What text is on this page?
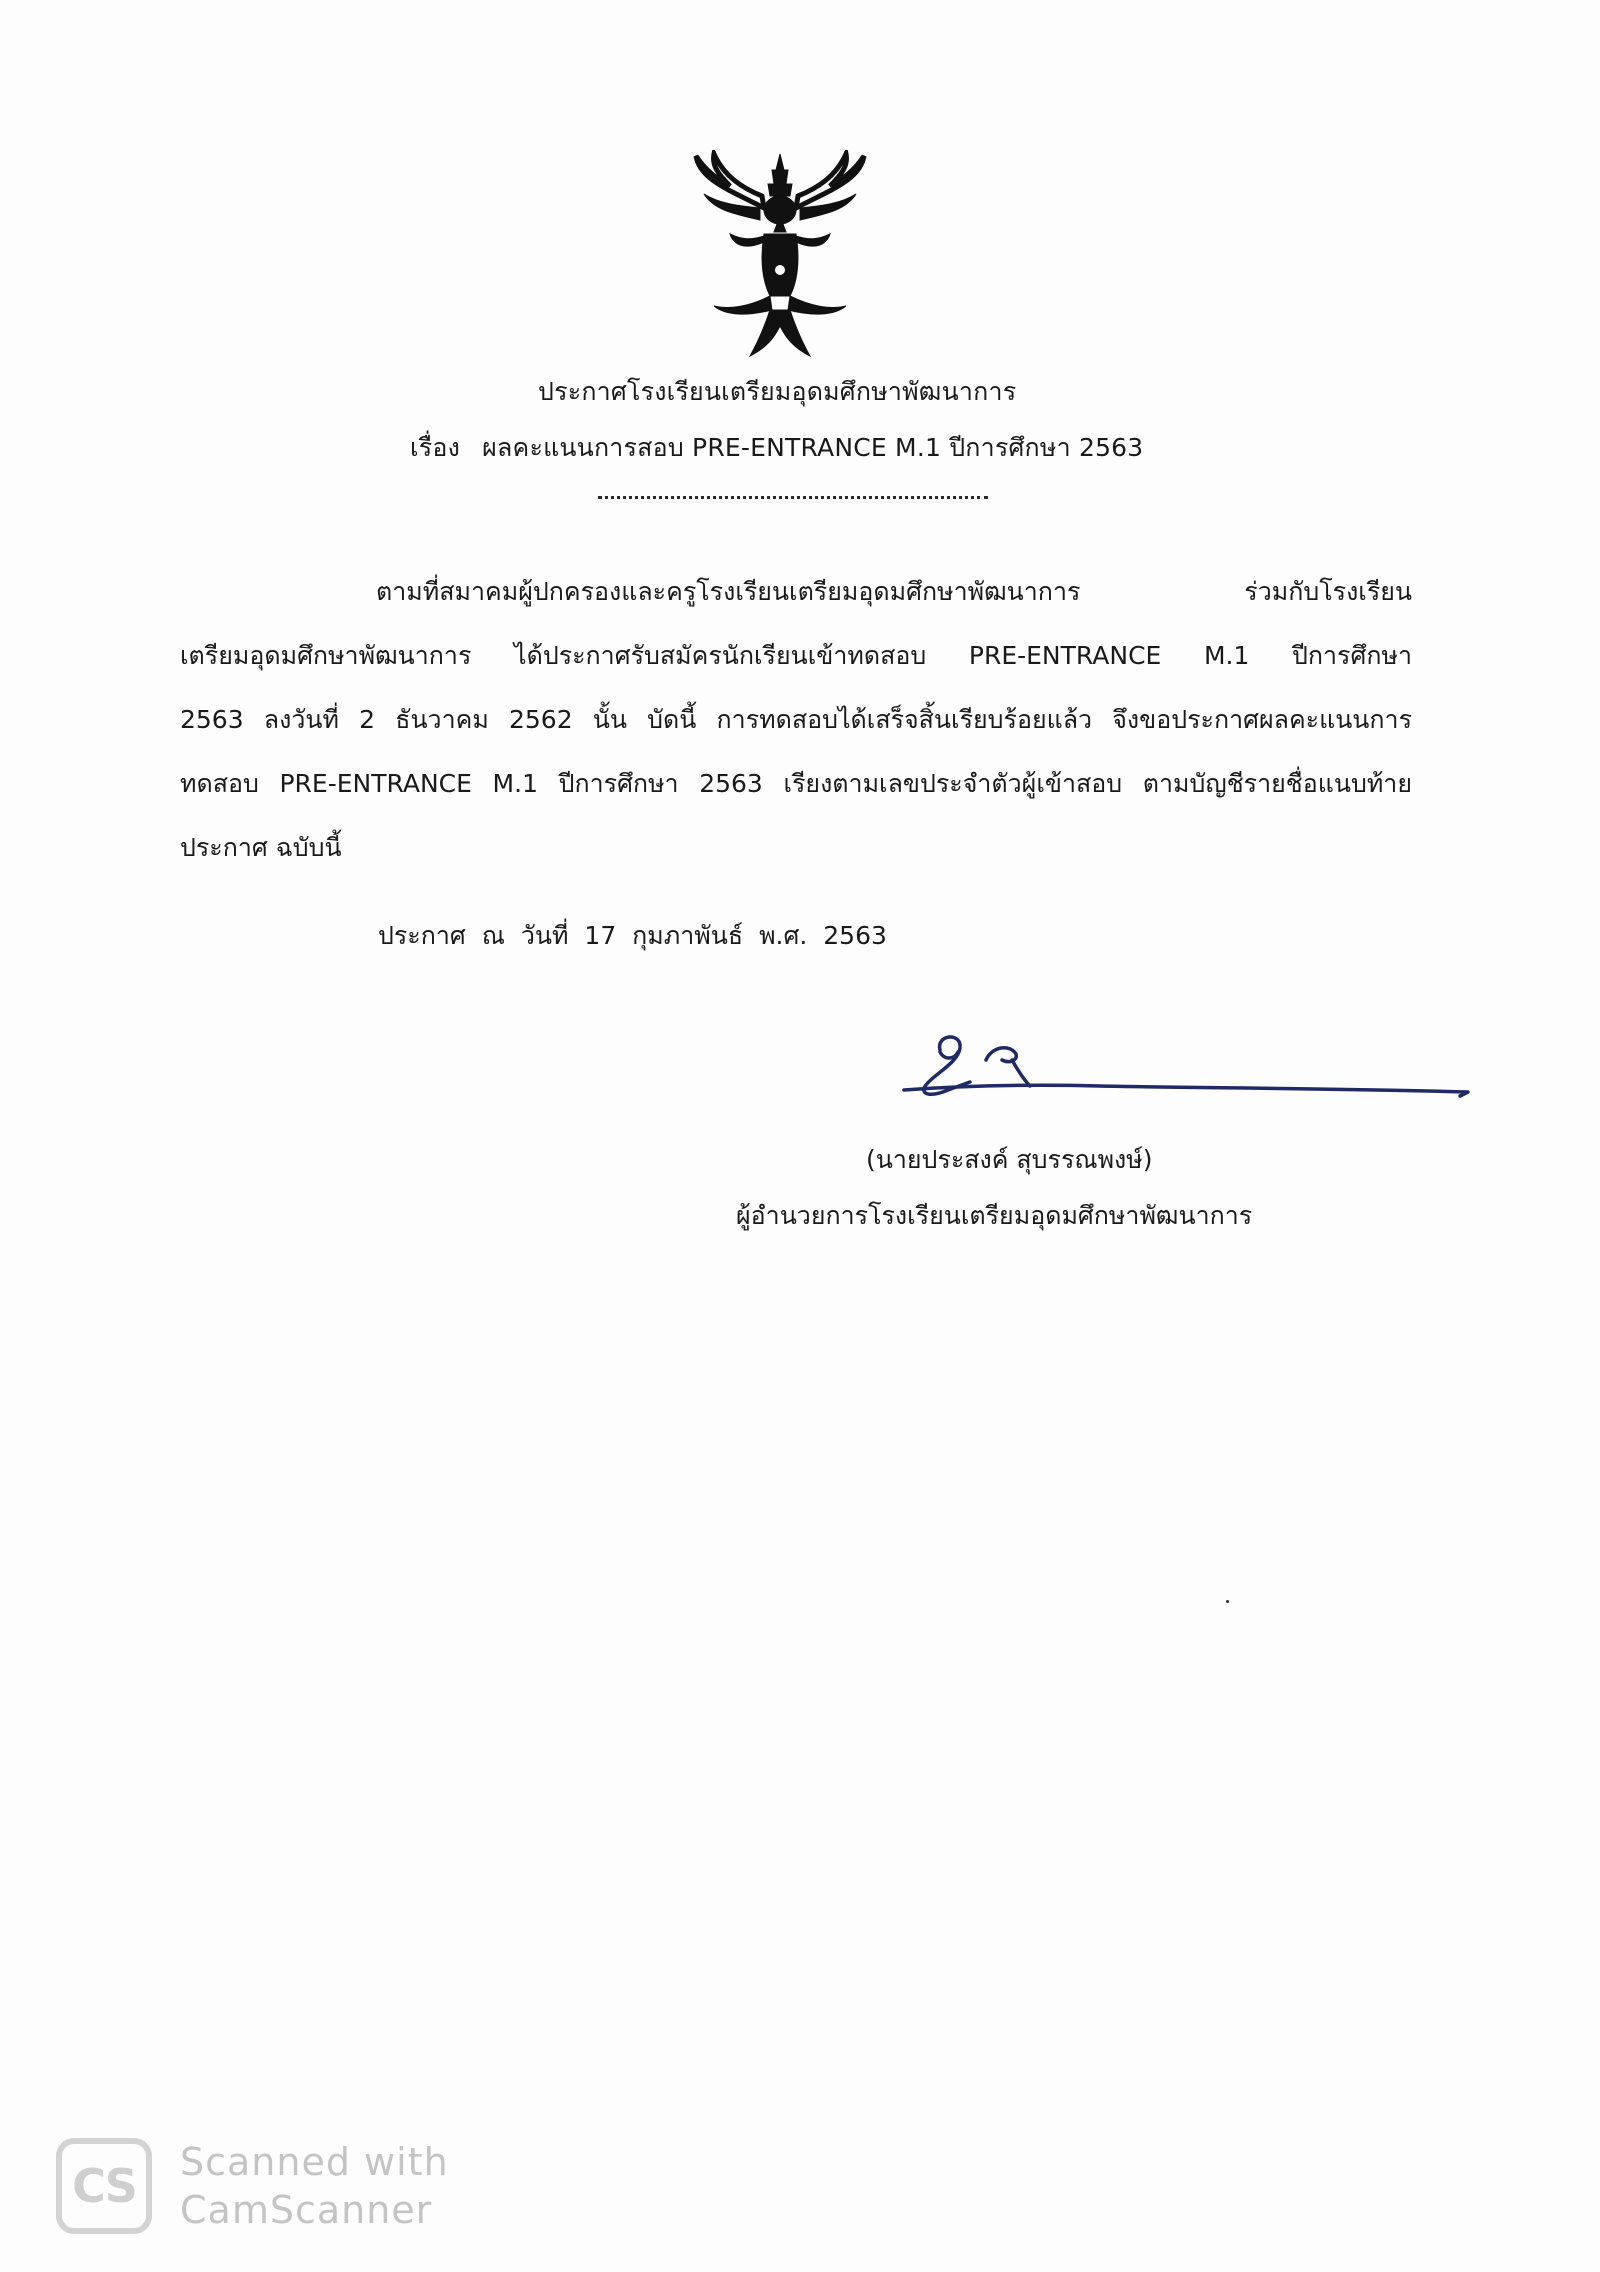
ประกาศโรงเรียนเตรียมอุดมศึกษาพัฒนาการ
เรื่อง ผลคะแนนการสอบ PRE-ENTRANCE M.1 ปีการศึกษา 2563
ตามที่สมาคมผู้ปกครองและครูโรงเรียนเตรียมอุดมศึกษาพัฒนาการ ร่วมกับโรงเรียน
เตรียมอุดมศึกษาพัฒนาการ ได้ประกาศรับสมัครนักเรียนเข้าทดสอบ PRE-ENTRANCE M.1 ปีการศึกษา
2563 ลงวันที่ 2 ธันวาคม 2562 นั้น บัดนี้ การทดสอบได้เสร็จสิ้นเรียบร้อยแล้ว จึงขอประกาศผลคะแนนการ
ทดสอบ PRE-ENTRANCE M.1 ปีการศึกษา 2563 เรียงตามเลขประจำตัวผู้เข้าสอบ ตามบัญชีรายชื่อแนบท้าย
ประกาศ ฉบับนี้
ประกาศ ณ วันที่ 17 กุมภาพันธ์ พ.ศ. 2563
(นายประสงค์ สุบรรณพงษ์)
ผู้อำนวยการโรงเรียนเตรียมอุดมศึกษาพัฒนาการ
CS	Scanned with
CamScanner
